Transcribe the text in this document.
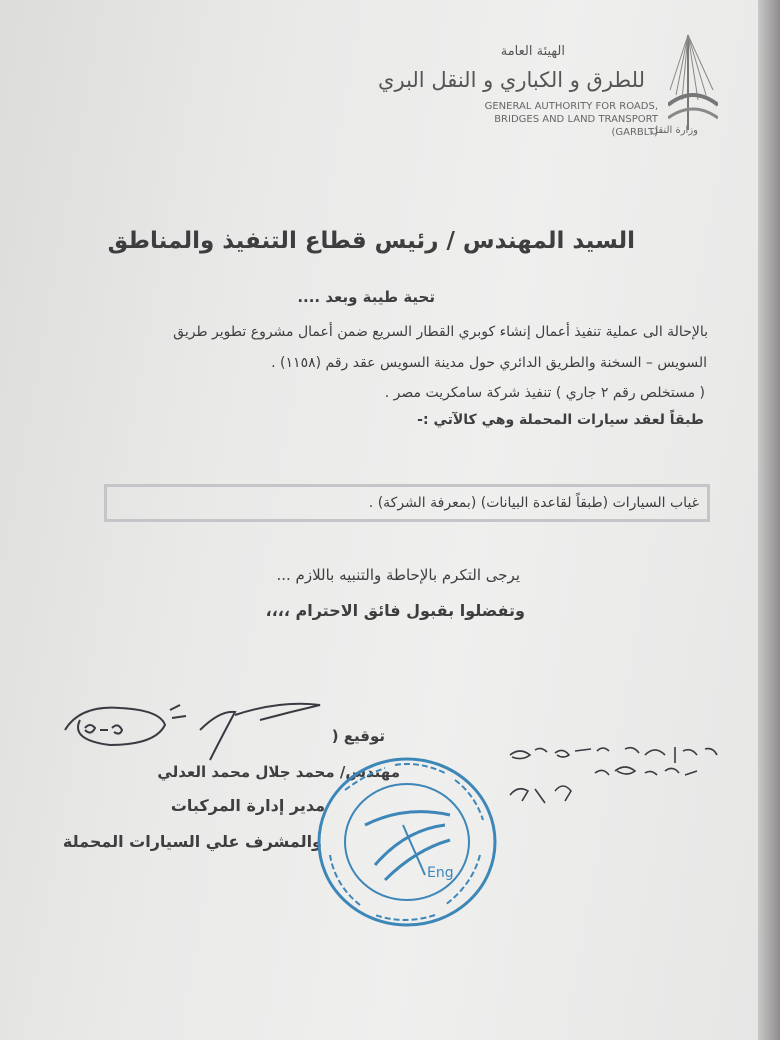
الهيئة العامة
للطرق و الكباري و النقل البري
GENERAL AUTHORITY FOR ROADS, BRIDGES AND LAND TRANSPORT (GARBLT)
وزارة النقل
السيد المهندس / رئيس قطاع التنفيذ والمناطق
تحية طيبة وبعد ....
بالإحالة الى عملية تنفيذ أعمال إنشاء كوبري القطار السريع ضمن أعمال مشروع تطوير طريق
السويس – السخنة والطريق الدائري حول مدينة السويس عقد رقم (١١٥٨) .
( مستخلص رقم ٢ جاري ) تنفيذ شركة سامكريت مصر .
طبقاً لعقد سيارات المحملة وهي كالآتي :-
غياب السيارات (طبقاً لقاعدة البيانات) (بمعرفة الشركة) .
يرجى التكرم بالإحاطة والتنبيه باللازم ...
وتفضلوا بقبول فائق الاحترام ،،،،
توقيع (
مهندس/ محمد جلال محمد العدلي
مدير إدارة المركبات
والمشرف علي السيارات المحملة
Eng
